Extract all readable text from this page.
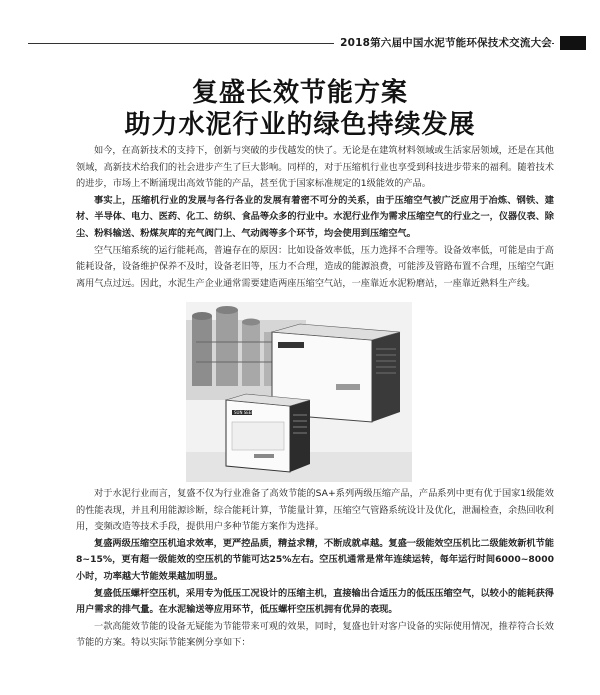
2018第六届中国水泥节能环保技术交流大会
复盛长效节能方案
助力水泥行业的绿色持续发展

如今，在高新技术的支持下，创新与突破的步伐越发的快了。无论是在建筑材料领域或生活家居领域，还是在其他领域，高新技术给我们的社会进步产生了巨大影响。同样的，对于压缩机行业也享受到科技进步带来的福利。随着技术的进步，市场上不断涌现出高效节能的产品，甚至优于国家标准规定的1级能效的产品。

事实上，压缩机行业的发展与各行各业的发展有着密不可分的关系，由于压缩空气被广泛应用于冶炼、钢铁、建材、半导体、电力、医药、化工、纺织、食品等众多的行业中。水泥行业作为需求压缩空气的行业之一，仪器仪表、除尘、粉料输送、粉煤灰库的充气阀门上、气动阀等多个环节，均会使用到压缩空气。

空气压缩系统的运行能耗高，普遍存在的原因：比如设备效率低，压力选择不合理等。设备效率低，可能是由于高能耗设备，设备维护保养不及时，设备老旧等，压力不合理，造成的能源浪费，可能涉及管路布置不合理，压缩空气距离用气点过远。因此，水泥生产企业通常需要建造两座压缩空气站，一座靠近水泥粉磨站，一座靠近熟料生产线。

SUN SEEN

对于水泥行业而言，复盛不仅为行业准备了高效节能的SA+系列两级压缩产品，产品系列中更有优于国家1级能效的性能表现，并且利用能源诊断，综合能耗计算，节能量计算，压缩空气管路系统设计及优化，泄漏检查，余热回收利用，变频改造等技术手段，提供用户多种节能方案作为选择。

复盛两级压缩空压机追求效率，更严控品质，精益求精，不断成就卓越。复盛一级能效空压机比二级能效新机节能8~15%，更有超一级能效的空压机的节能可达25%左右。空压机通常是常年连续运转，每年运行时间6000~8000小时，功率越大节能效果越加明显。

复盛低压螺杆空压机，采用专为低压工况设计的压缩主机，直接输出合适压力的低压压缩空气，以较小的能耗获得用户需求的排气量。在水泥输送等应用环节，低压螺杆空压机拥有优异的表现。

一款高能效节能的设备无疑能为节能带来可观的效果，同时，复盛也针对客户设备的实际使用情况，推荐符合长效节能的方案。特以实际节能案例分享如下：
